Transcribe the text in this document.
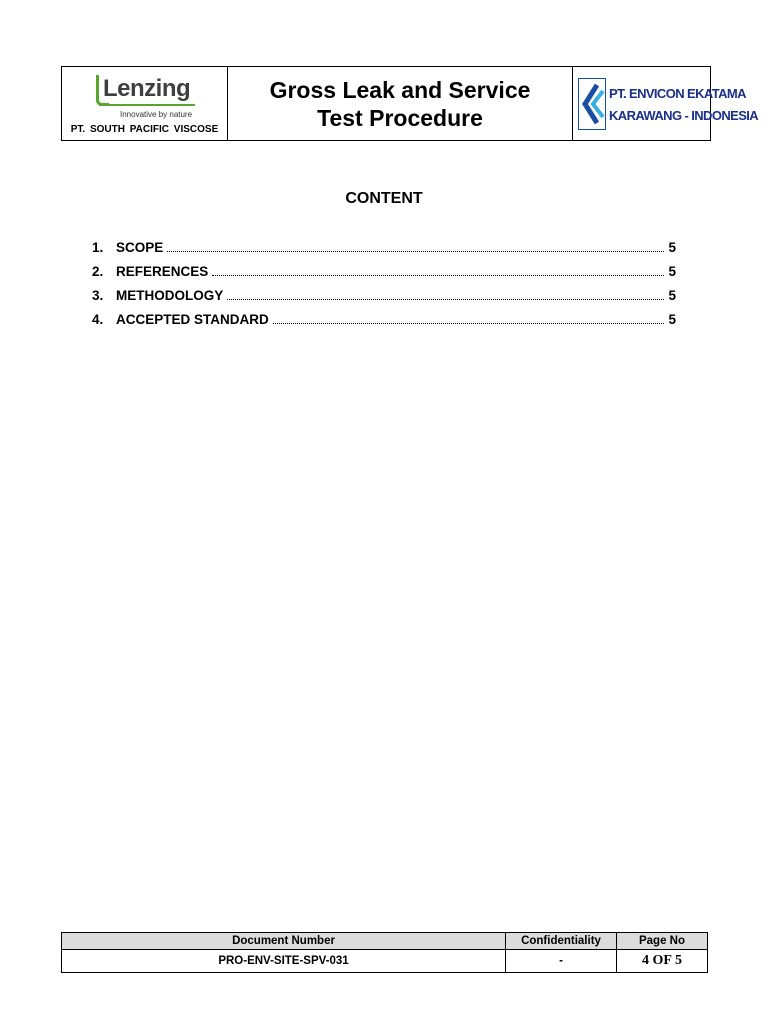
Lenzing
Innovative by nature
PT. SOUTH PACIFIC VISCOSE
Gross Leak and Service
Test Procedure
PT. ENVICON EKATAMA
KARAWANG - INDONESIA
CONTENT
1. SCOPE	5
2. REFERENCES	5
3. METHODOLOGY	5
4. ACCEPTED STANDARD	5
Document Number	Confidentiality	Page No
PRO-ENV-SITE-SPV-031	-	4 OF 5
